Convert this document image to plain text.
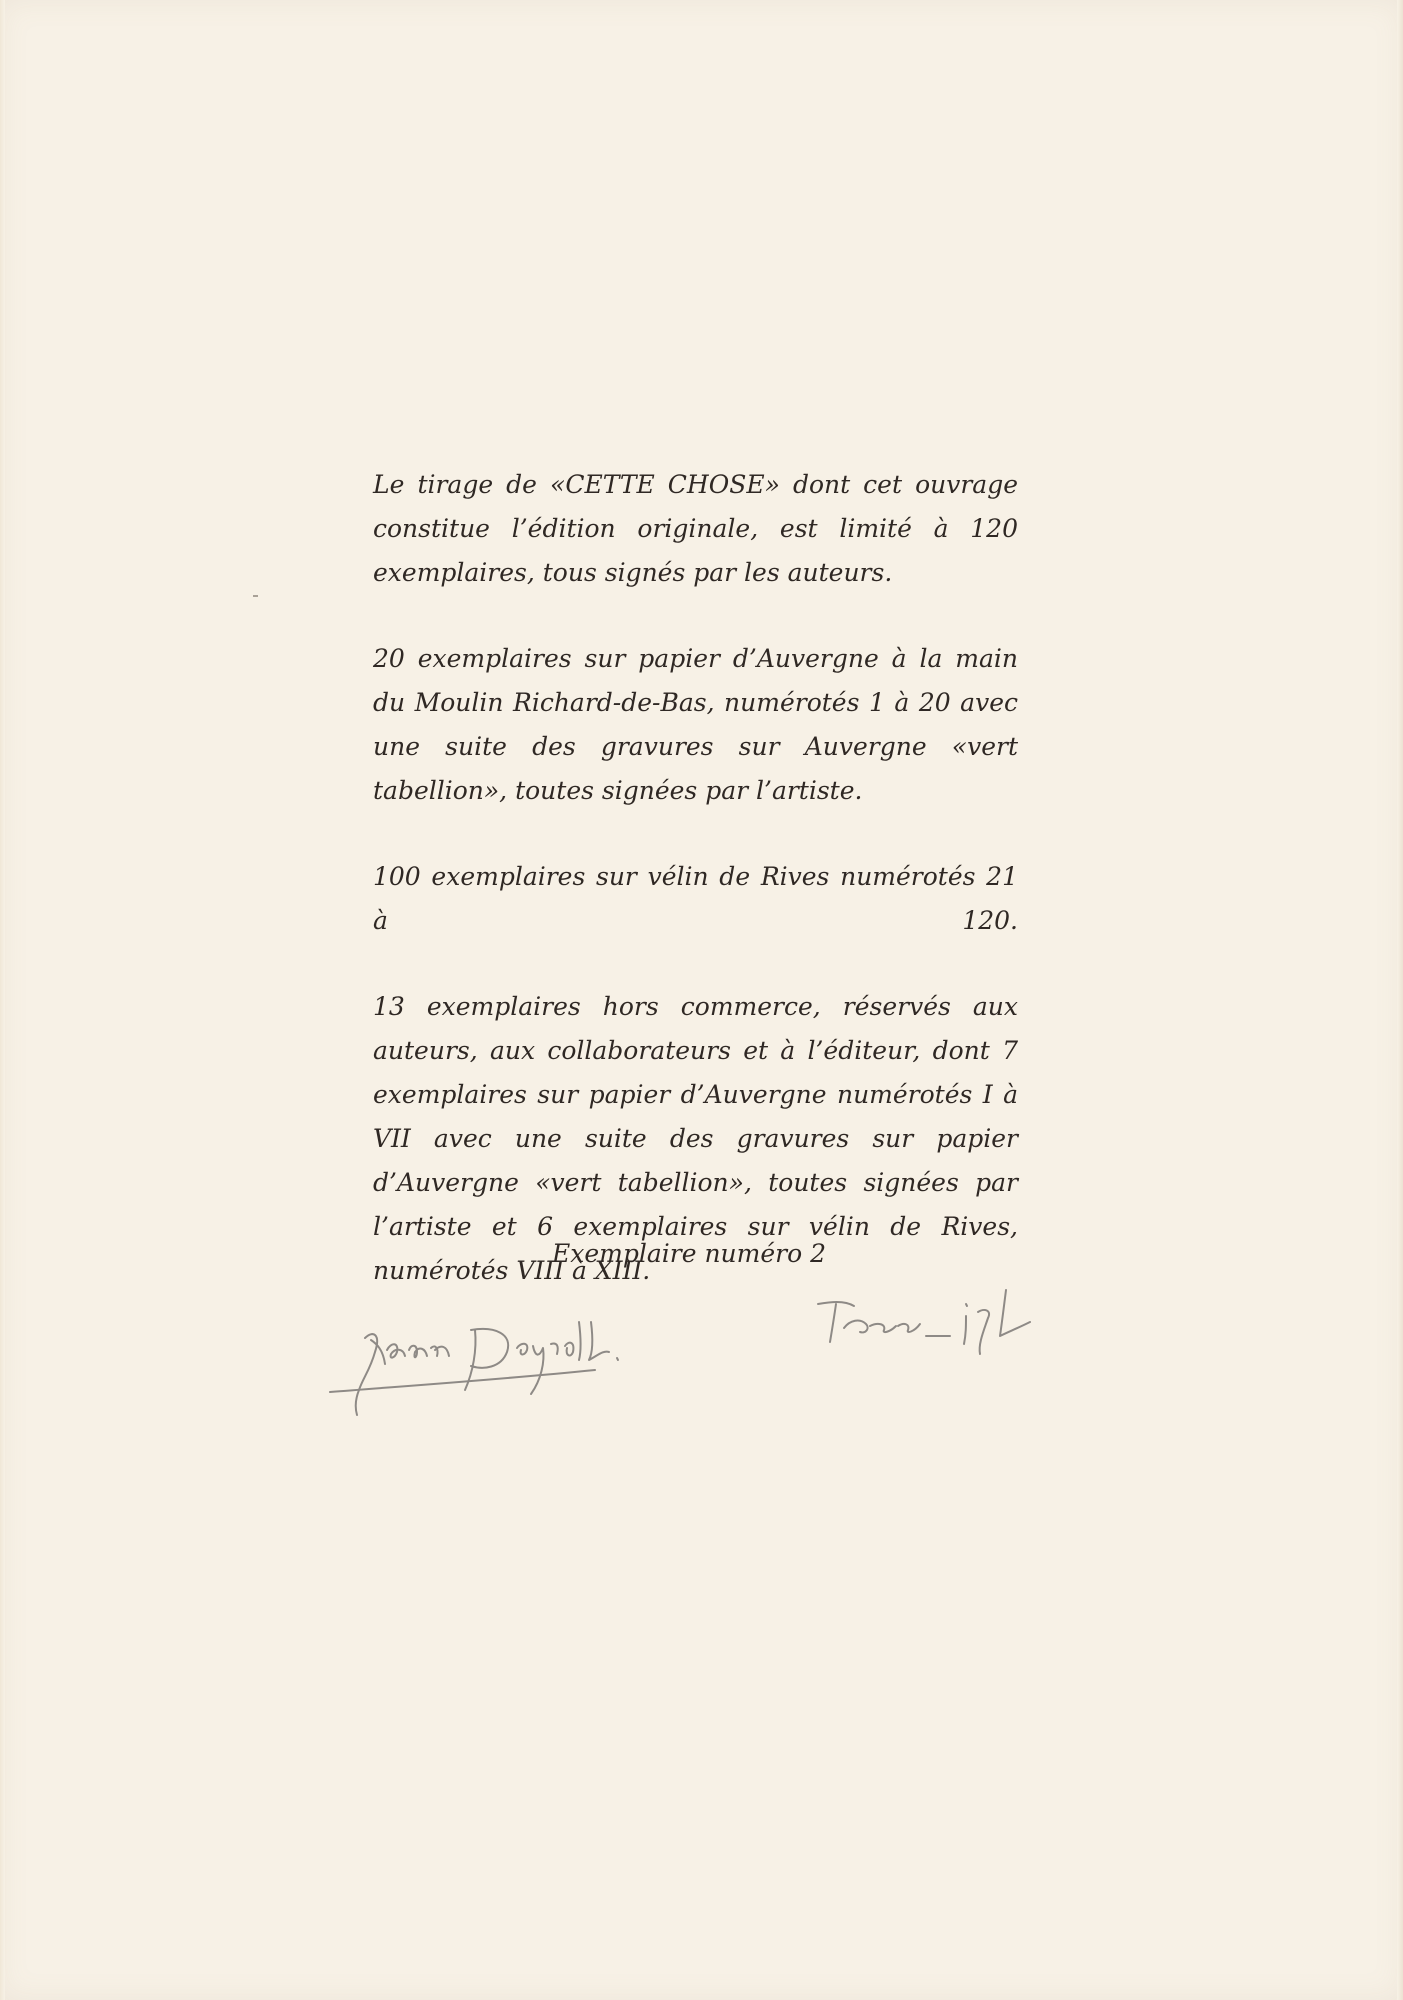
Le tirage de «CETTE CHOSE» dont cet ouvrage constitue l’édition originale, est limité à 120 exemplaires, tous signés par les auteurs.

20 exemplaires sur papier d’Auvergne à la main du Moulin Richard-de-Bas, numérotés 1 à 20 avec une suite des gravures sur Auvergne «vert tabellion», toutes signées par l’artiste.

100 exemplaires sur vélin de Rives numérotés 21 à 120.

13 exemplaires hors commerce, réservés aux auteurs, aux collaborateurs et à l’éditeur, dont 7 exemplaires sur papier d’Auvergne numérotés I à VII avec une suite des gravures sur papier d’Auvergne «vert tabellion», toutes signées par l’artiste et 6 exemplaires sur vélin de Rives, numérotés VIII à XIII.

Exemplaire numéro 2
